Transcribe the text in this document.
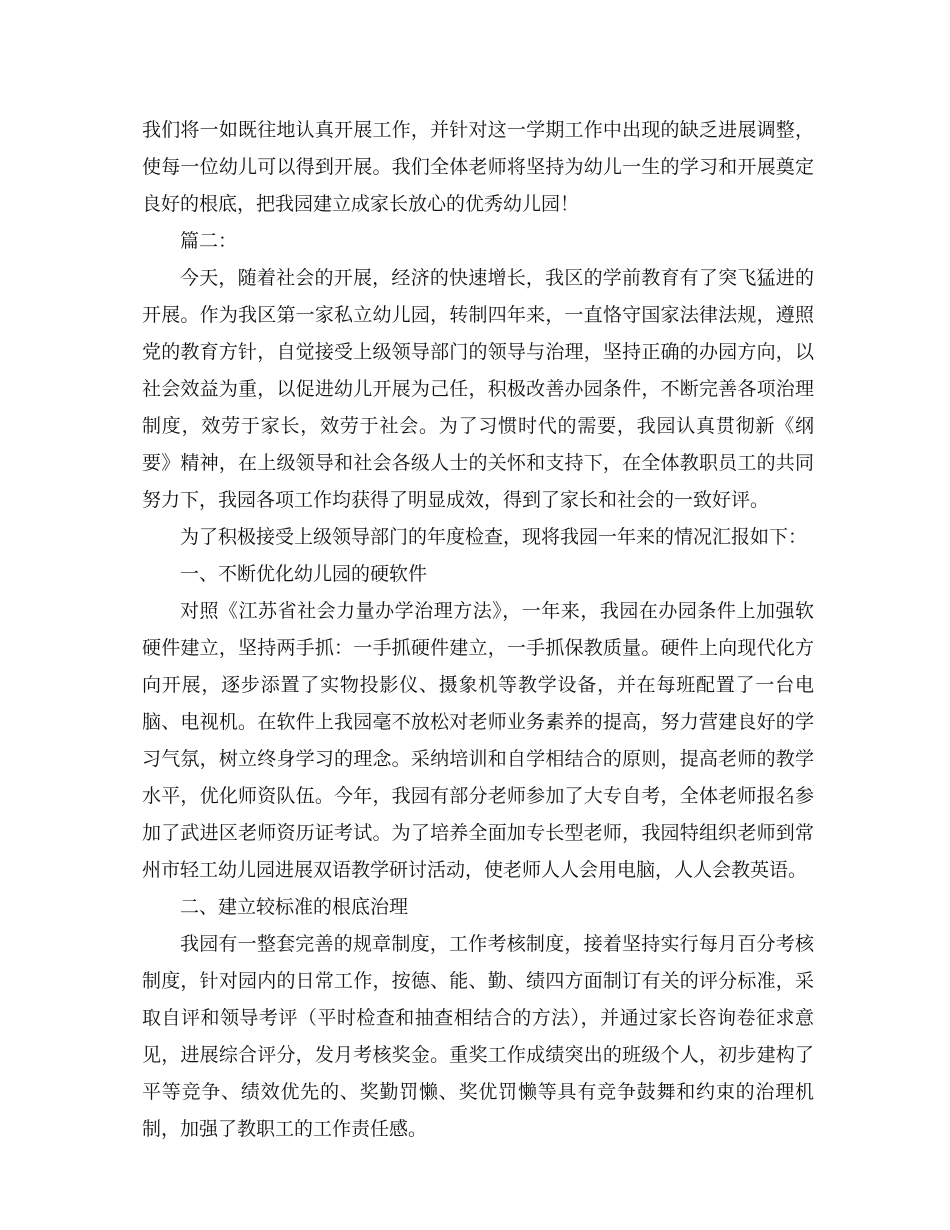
我们将一如既往地认真开展工作，并针对这一学期工作中出现的缺乏进展调整，使每一位幼儿可以得到开展。我们全体老师将坚持为幼儿一生的学习和开展奠定良好的根底，把我园建立成家长放心的优秀幼儿园！

篇二：

今天，随着社会的开展，经济的快速增长，我区的学前教育有了突飞猛进的开展。作为我区第一家私立幼儿园，转制四年来，一直恪守国家法律法规，遵照党的教育方针，自觉接受上级领导部门的领导与治理，坚持正确的办园方向，以社会效益为重，以促进幼儿开展为己任，积极改善办园条件，不断完善各项治理制度，效劳于家长，效劳于社会。为了习惯时代的需要，我园认真贯彻新《纲要》精神，在上级领导和社会各级人士的关怀和支持下，在全体教职员工的共同努力下，我园各项工作均获得了明显成效，得到了家长和社会的一致好评。

为了积极接受上级领导部门的年度检查，现将我园一年来的情况汇报如下：

一、不断优化幼儿园的硬软件

对照《江苏省社会力量办学治理方法》，一年来，我园在办园条件上加强软硬件建立，坚持两手抓：一手抓硬件建立，一手抓保教质量。硬件上向现代化方向开展，逐步添置了实物投影仪、摄象机等教学设备，并在每班配置了一台电脑、电视机。在软件上我园毫不放松对老师业务素养的提高，努力营建良好的学习气氛，树立终身学习的理念。采纳培训和自学相结合的原则，提高老师的教学水平，优化师资队伍。今年，我园有部分老师参加了大专自考，全体老师报名参加了武进区老师资历证考试。为了培养全面加专长型老师，我园特组织老师到常州市轻工幼儿园进展双语教学研讨活动，使老师人人会用电脑，人人会教英语。

二、建立较标准的根底治理

我园有一整套完善的规章制度，工作考核制度，接着坚持实行每月百分考核制度，针对园内的日常工作，按德、能、勤、绩四方面制订有关的评分标准，采取自评和领导考评（平时检查和抽查相结合的方法），并通过家长咨询卷征求意见，进展综合评分，发月考核奖金。重奖工作成绩突出的班级个人，初步建构了平等竞争、绩效优先的、奖勤罚懒、奖优罚懒等具有竞争鼓舞和约束的治理机制，加强了教职工的工作责任感。
